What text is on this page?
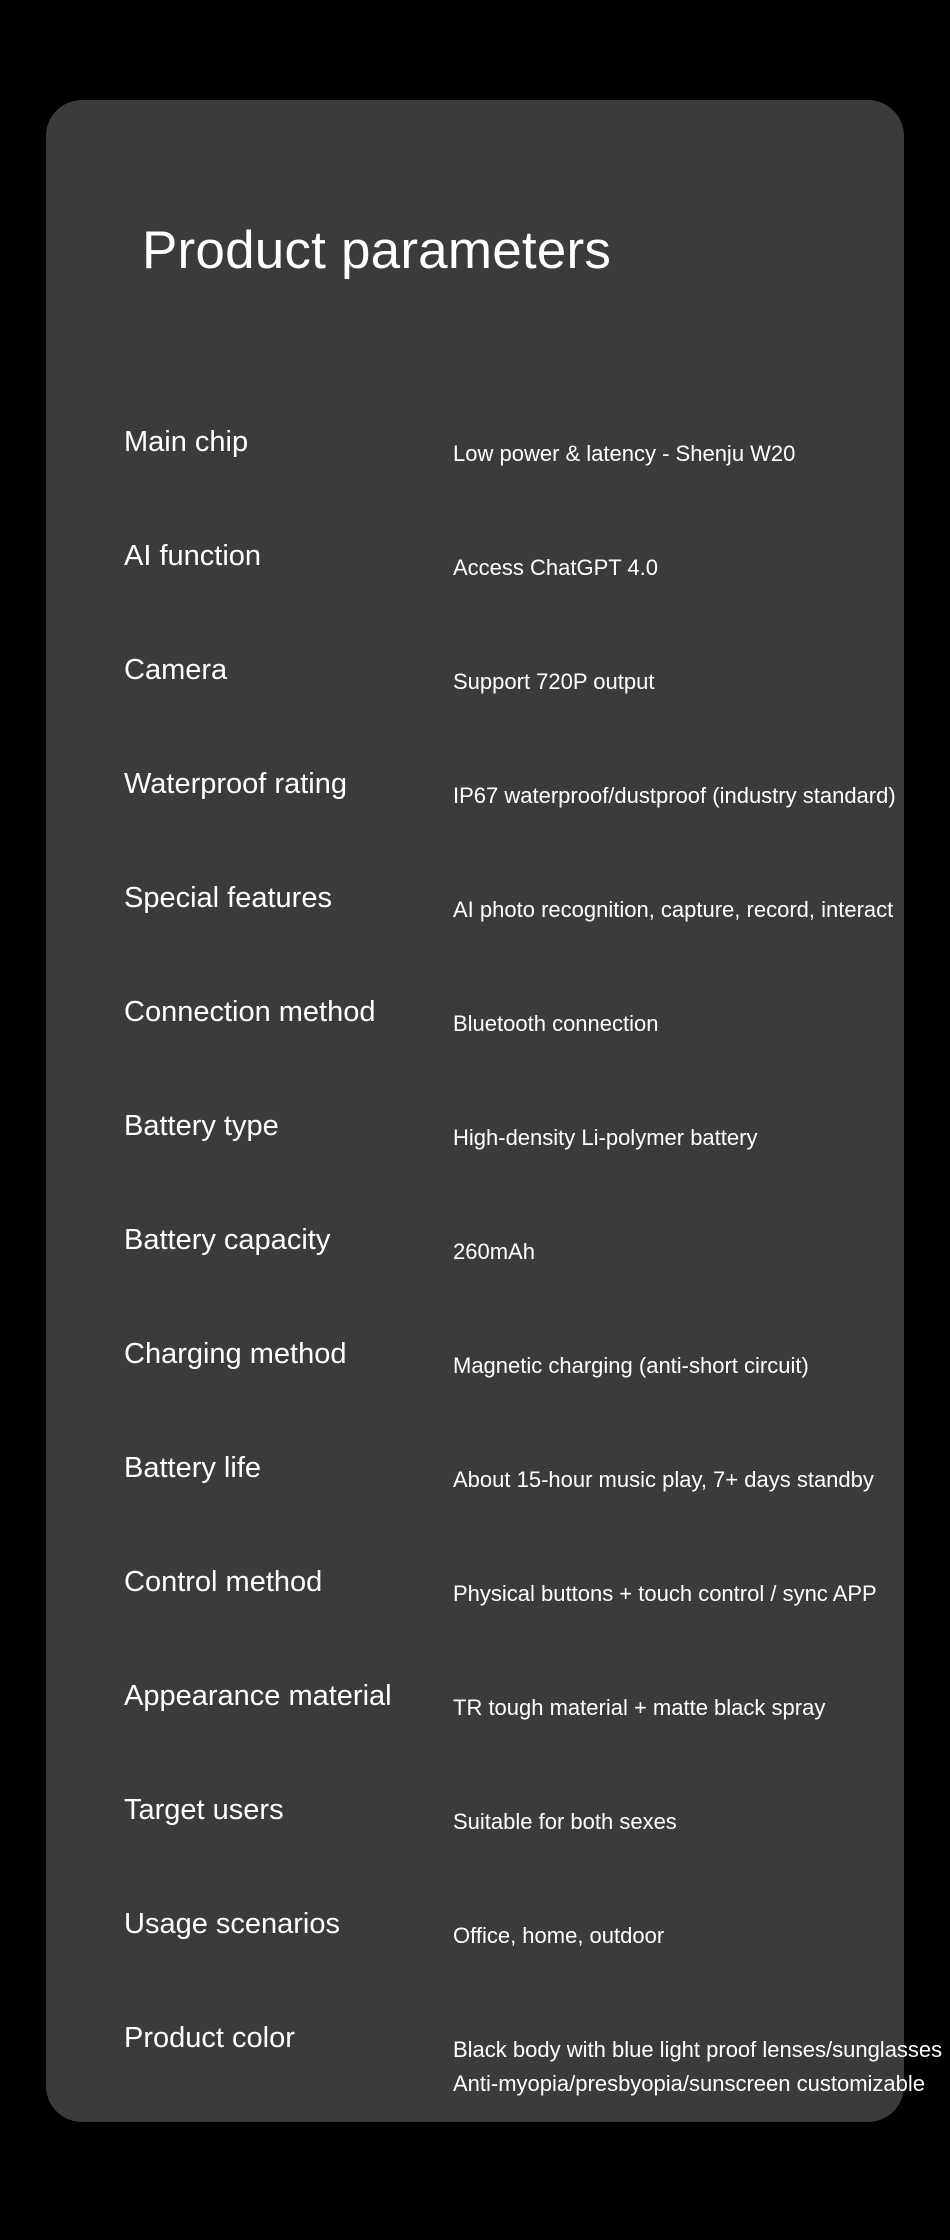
Product parameters
Main chip	Low power & latency - Shenju W20
AI function	Access ChatGPT 4.0
Camera	Support 720P output
Waterproof rating	IP67 waterproof/dustproof (industry standard)
Special features	AI photo recognition, capture, record, interact
Connection method	Bluetooth connection
Battery type	High-density Li-polymer battery
Battery capacity	260mAh
Charging method	Magnetic charging (anti-short circuit)
Battery life	About 15-hour music play, 7+ days standby
Control method	Physical buttons + touch control / sync APP
Appearance material	TR tough material + matte black spray
Target users	Suitable for both sexes
Usage scenarios	Office, home, outdoor
Product color	Black body with blue light proof lenses/sunglasses
Anti-myopia/presbyopia/sunscreen customizable
